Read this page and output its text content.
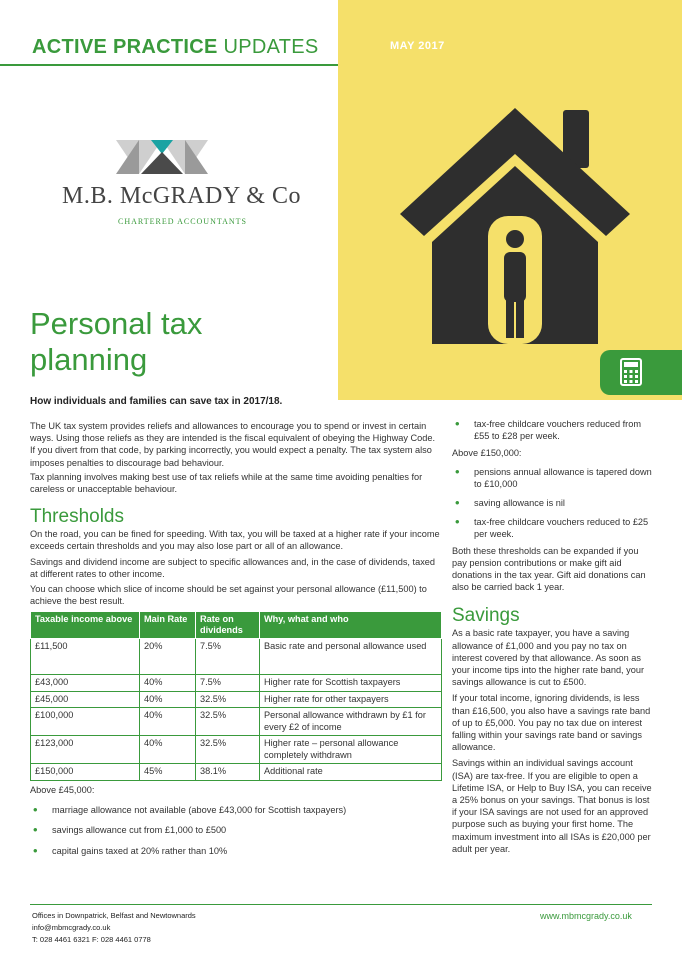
ACTIVE PRACTICE UPDATES	MAY 2017
M.B. McGRADY & Co
CHARTERED ACCOUNTANTS
Personal tax planning
How individuals and families can save tax in 2017/18.

The UK tax system provides reliefs and allowances to encourage you to spend or invest in certain ways. Using those reliefs as they are intended is the fiscal equivalent of obeying the Highway Code. If you divert from that code, by parking incorrectly, you would expect a penalty. The tax system also imposes penalties to discourage bad behaviour.

Tax planning involves making best use of tax reliefs while at the same time avoiding penalties for careless or unacceptable behaviour.

Thresholds

On the road, you can be fined for speeding. With tax, you will be taxed at a higher rate if your income exceeds certain thresholds and you may also lose part or all of an allowance.

Savings and dividend income are subject to specific allowances and, in the case of dividends, taxed at different rates to other income.

You can choose which slice of income should be set against your personal allowance (£11,500) to achieve the best result.

Taxable income above	Main Rate	Rate on dividends	Why, what and who
£11,500	20%	7.5%	Basic rate and personal allowance used
£43,000	40%	7.5%	Higher rate for Scottish taxpayers
£45,000	40%	32.5%	Higher rate for other taxpayers
£100,000	40%	32.5%	Personal allowance withdrawn by £1 for every £2 of income
£123,000	40%	32.5%	Higher rate – personal allowance completely withdrawn
£150,000	45%	38.1%	Additional rate

Above £45,000:

• marriage allowance not available (above £43,000 for Scottish taxpayers)
• savings allowance cut from £1,000 to £500
• capital gains taxed at 20% rather than 10%
• tax-free childcare vouchers reduced from £55 to £28 per week.

Above £150,000:

• pensions annual allowance is tapered down to £10,000
• saving allowance is nil
• tax-free childcare vouchers reduced to £25 per week.

Both these thresholds can be expanded if you pay pension contributions or make gift aid donations in the tax year. Gift aid donations can also be carried back 1 year.

Savings

As a basic rate taxpayer, you have a saving allowance of £1,000 and you pay no tax on interest covered by that allowance. As soon as your income tips into the higher rate band, your savings allowance is cut to £500.

If your total income, ignoring dividends, is less than £16,500, you also have a savings rate band of up to £5,000. You pay no tax due on interest falling within your savings rate band or savings allowance.

Savings within an individual savings account (ISA) are tax-free. If you are eligible to open a Lifetime ISA, or Help to Buy ISA, you can receive a 25% bonus on your savings. That bonus is lost if your ISA savings are not used for an approved purpose such as buying your first home. The maximum investment into all ISAs is £20,000 per adult per year.

Offices in Downpatrick, Belfast and Newtownards
info@mbmcgrady.co.uk
T: 028 4461 6321 F: 028 4461 0778
www.mbmcgrady.co.uk
